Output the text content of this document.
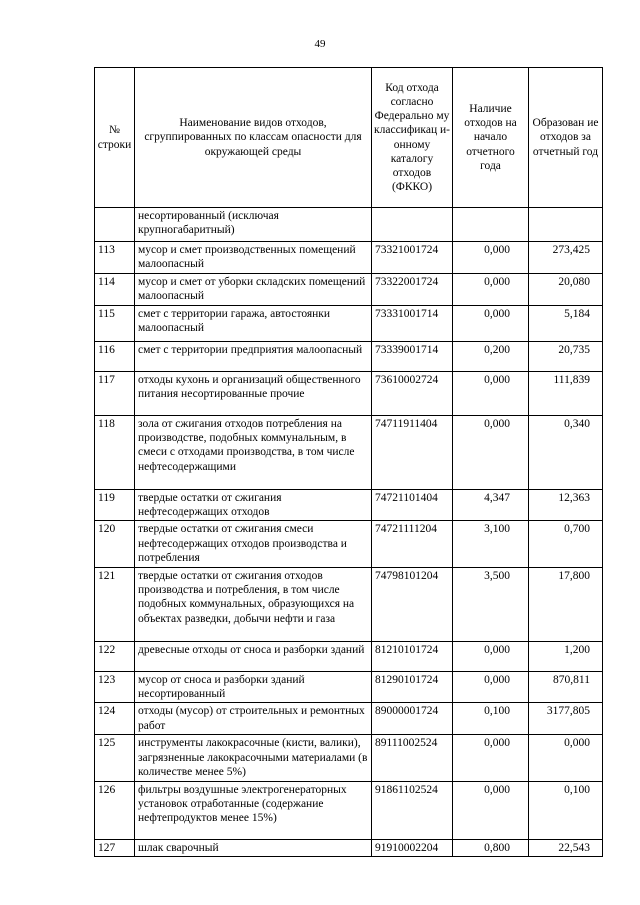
49
№ строки	Наименование видов отходов, сгруппированных по классам опасности для окружающей среды	Код отхода согласно Федерально му классификац и-онному каталогу отходов (ФККО)	Наличие отходов на начало отчетного года	Образован ие отходов за отчетный год
	несортированный (исключая крупногабаритный)			
113	мусор и смет производственных помещений малоопасный	73321001724	0,000	273,425
114	мусор и смет от уборки складских помещений малоопасный	73322001724	0,000	20,080
115	смет с территории гаража, автостоянки малоопасный	73331001714	0,000	5,184
116	смет с территории предприятия малоопасный	73339001714	0,200	20,735
117	отходы кухонь и организаций общественного питания несортированные прочие	73610002724	0,000	111,839
118	зола от сжигания отходов потребления на производстве, подобных коммунальным, в смеси с отходами производства, в том числе нефтесодержащими	74711911404	0,000	0,340
119	твердые остатки от сжигания нефтесодержащих отходов	74721101404	4,347	12,363
120	твердые остатки от сжигания смеси нефтесодержащих отходов производства и потребления	74721111204	3,100	0,700
121	твердые остатки от сжигания отходов производства и потребления, в том числе подобных коммунальных, образующихся на объектах разведки, добычи нефти и газа	74798101204	3,500	17,800
122	древесные отходы от сноса и разборки зданий	81210101724	0,000	1,200
123	мусор от сноса и разборки зданий несортированный	81290101724	0,000	870,811
124	отходы (мусор) от строительных и ремонтных работ	89000001724	0,100	3177,805
125	инструменты лакокрасочные (кисти, валики), загрязненные лакокрасочными материалами (в количестве менее 5%)	89111002524	0,000	0,000
126	фильтры воздушные электрогенераторных установок отработанные (содержание нефтепродуктов менее 15%)	91861102524	0,000	0,100
127	шлак сварочный	91910002204	0,800	22,543
